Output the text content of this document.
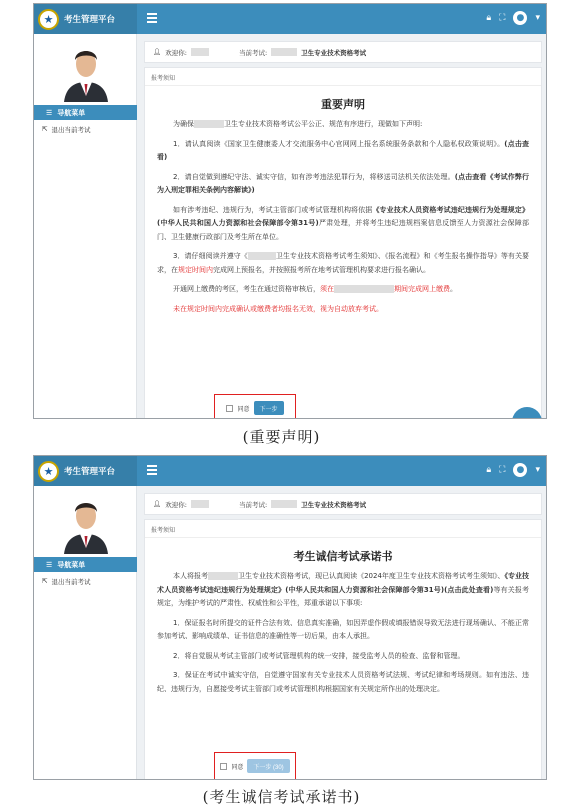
★	考生管理平台	🔒︎ ⛶	●	▾
☰ 导航菜单
⇱ 退出当前考试
👤︎ 欢迎你:	当前考试:	卫生专业技术资格考试
报考须知
重要声明

为确保	卫生专业技术资格考试公平公正、规范有序进行，现做如下声明:

1．请认真阅读《国家卫生健康委人才交流服务中心官网网上报名系统服务条款和个人隐私权政策说明》。(点击查看)

2．请自觉做到遵纪守法、诚实守信，如有涉考违法犯罪行为，将移送司法机关依法处理。(点击查看《考试作弊行为入刑定罪相关条例内容解读》)

如有涉考违纪、违规行为，考试主管部门或考试管理机构将依据《专业技术人员资格考试违纪违规行为处理规定》(中华人民共和国人力资源和社会保障部令第31号)严肃处理，并将考生违纪违规档案信息反馈至人力资源社会保障部门、卫生健康行政部门及考生所在单位。

3．请仔细阅读并遵守《	卫生专业技术资格考试考生须知》、《报名流程》和《考生报名操作指导》等有关要求，在规定时间内完成网上预报名，并按照报考所在地考试管理机构要求进行报名确认。

开通网上缴费的考区，考生在通过资格审核后，须在	期间完成网上缴费。

未在规定时间内完成确认或缴费者均报名无效，视为自动放弃考试。

同意	下一步
(重要声明)
★	考生管理平台	🔒︎ ⛶	●	▾
☰ 导航菜单
⇱ 退出当前考试
👤︎ 欢迎你:	当前考试:	卫生专业技术资格考试
报考须知
考生诚信考试承诺书

本人将报考	卫生专业技术资格考试，现已认真阅读《2024年度卫生专业技术资格考试考生须知》、《专业技术人员资格考试违纪违规行为处理规定》(中华人民共和国人力资源和社会保障部令第31号)(点击此处查看)等有关报考规定，为维护考试的严肃性、权威性和公平性，郑重承诺以下事项:

1．保证报名时所提交的证件合法有效、信息真实准确，如因弄虚作假或填报错误导致无法进行现场确认、不能正常参加考试、影响成绩单、证书信息的准确性等一切后果，由本人承担。

2．将自觉服从考试主管部门或考试管理机构的统一安排，接受监考人员的检查、监督和管理。

3．保证在考试中诚实守信，自觉遵守国家有关专业技术人员资格考试法规、考试纪律和考场规则。如有违法、违纪、违规行为，自愿接受考试主管部门或考试管理机构根据国家有关规定所作出的处理决定。

同意	下一步 (30)
(考生诚信考试承诺书)
